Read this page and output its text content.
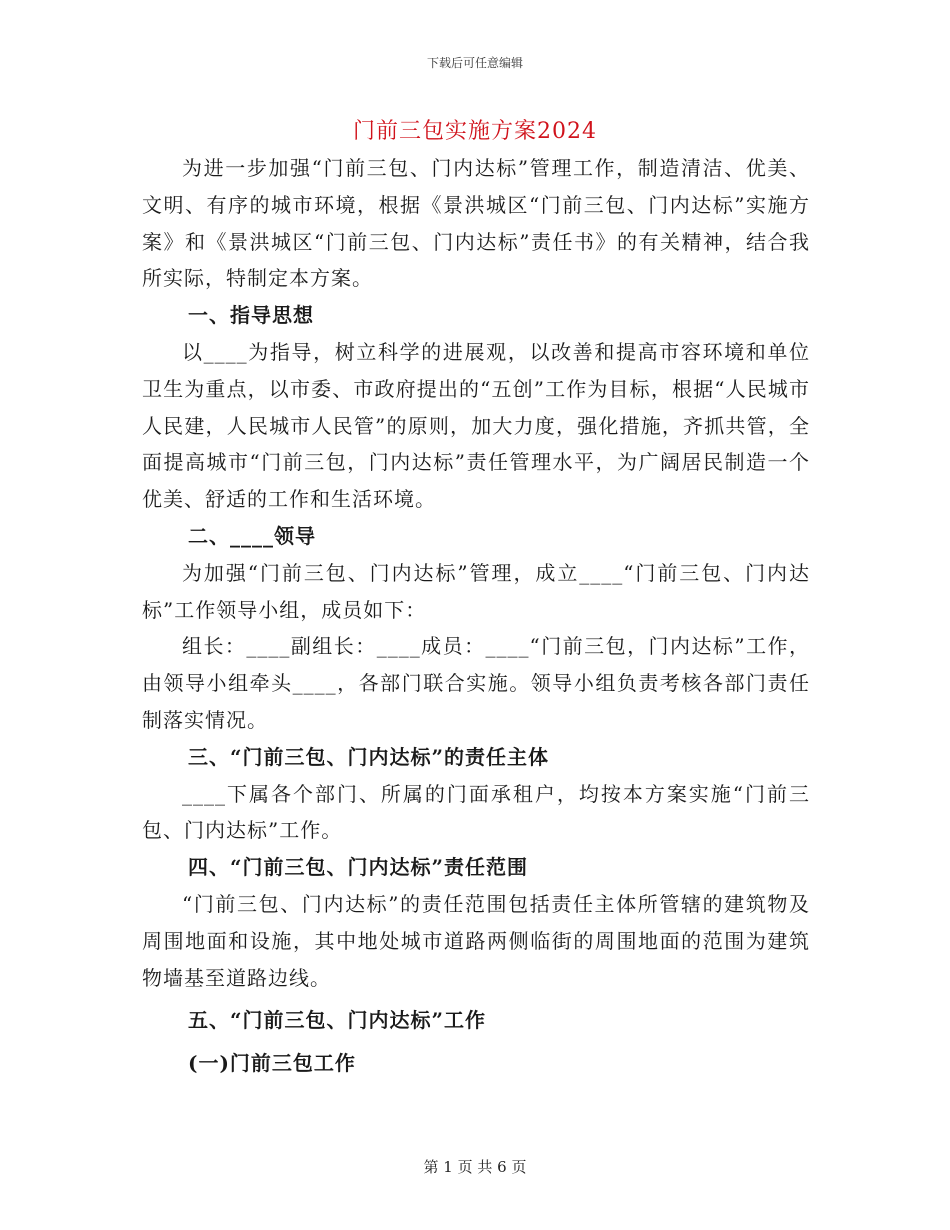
下载后可任意编辑
门前三包实施方案2024

为进一步加强“门前三包、门内达标”管理工作，制造清洁、优美、文明、有序的城市环境，根据《景洪城区“门前三包、门内达标”实施方案》和《景洪城区“门前三包、门内达标”责任书》的有关精神，结合我所实际，特制定本方案。

一、指导思想

以____为指导，树立科学的进展观，以改善和提高市容环境和单位卫生为重点，以市委、市政府提出的“五创”工作为目标，根据“人民城市人民建，人民城市人民管”的原则，加大力度，强化措施，齐抓共管，全面提高城市“门前三包，门内达标”责任管理水平，为广阔居民制造一个优美、舒适的工作和生活环境。

二、____领导

为加强“门前三包、门内达标”管理，成立____“门前三包、门内达标”工作领导小组，成员如下：

组长：____副组长：____成员：____“门前三包，门内达标”工作，由领导小组牵头____，各部门联合实施。领导小组负责考核各部门责任制落实情况。

三、“门前三包、门内达标”的责任主体

____下属各个部门、所属的门面承租户，均按本方案实施“门前三包、门内达标”工作。

四、“门前三包、门内达标”责任范围

“门前三包、门内达标”的责任范围包括责任主体所管辖的建筑物及周围地面和设施，其中地处城市道路两侧临街的周围地面的范围为建筑物墙基至道路边线。

五、“门前三包、门内达标”工作

(一)门前三包工作

第 1 页 共 6 页
